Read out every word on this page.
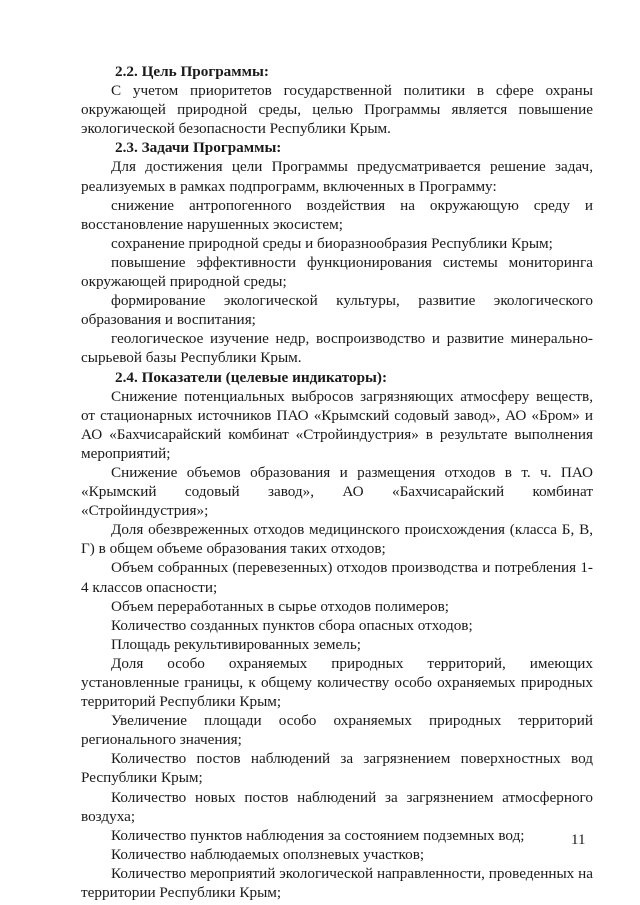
2.2. Цель Программы:

С учетом приоритетов государственной политики в сфере охраны окружающей природной среды, целью Программы является повышение экологической безопасности Республики Крым.

2.3. Задачи Программы:

Для достижения цели Программы предусматривается решение задач, реализуемых в рамках подпрограмм, включенных в Программу:

снижение антропогенного воздействия на окружающую среду и восстановление нарушенных экосистем;

сохранение природной среды и биоразнообразия Республики Крым;

повышение эффективности функционирования системы мониторинга окружающей природной среды;

формирование экологической культуры, развитие экологического образования и воспитания;

геологическое изучение недр, воспроизводство и развитие минерально-сырьевой базы Республики Крым.

2.4. Показатели (целевые индикаторы):

Снижение потенциальных выбросов загрязняющих атмосферу веществ, от стационарных источников ПАО «Крымский содовый завод», АО «Бром» и АО «Бахчисарайский комбинат «Стройиндустрия» в результате выполнения мероприятий;

Снижение объемов образования и размещения отходов в т. ч. ПАО «Крымский содовый завод», АО «Бахчисарайский комбинат «Стройиндустрия»;

Доля обезвреженных отходов медицинского происхождения (класса Б, В, Г) в общем объеме образования таких отходов;

Объем собранных (перевезенных) отходов производства и потребления 1-4 классов опасности;

Объем переработанных в сырье отходов полимеров;

Количество созданных пунктов сбора опасных отходов;

Площадь рекультивированных земель;

Доля особо охраняемых природных территорий, имеющих установленные границы, к общему количеству особо охраняемых природных территорий Республики Крым;

Увеличение площади особо охраняемых природных территорий регионального значения;

Количество постов наблюдений за загрязнением поверхностных вод Республики Крым;

Количество новых постов наблюдений за загрязнением атмосферного воздуха;

Количество пунктов наблюдения за состоянием подземных вод;

Количество наблюдаемых оползневых участков;

Количество мероприятий экологической направленности, проведенных на территории Республики Крым;

11
